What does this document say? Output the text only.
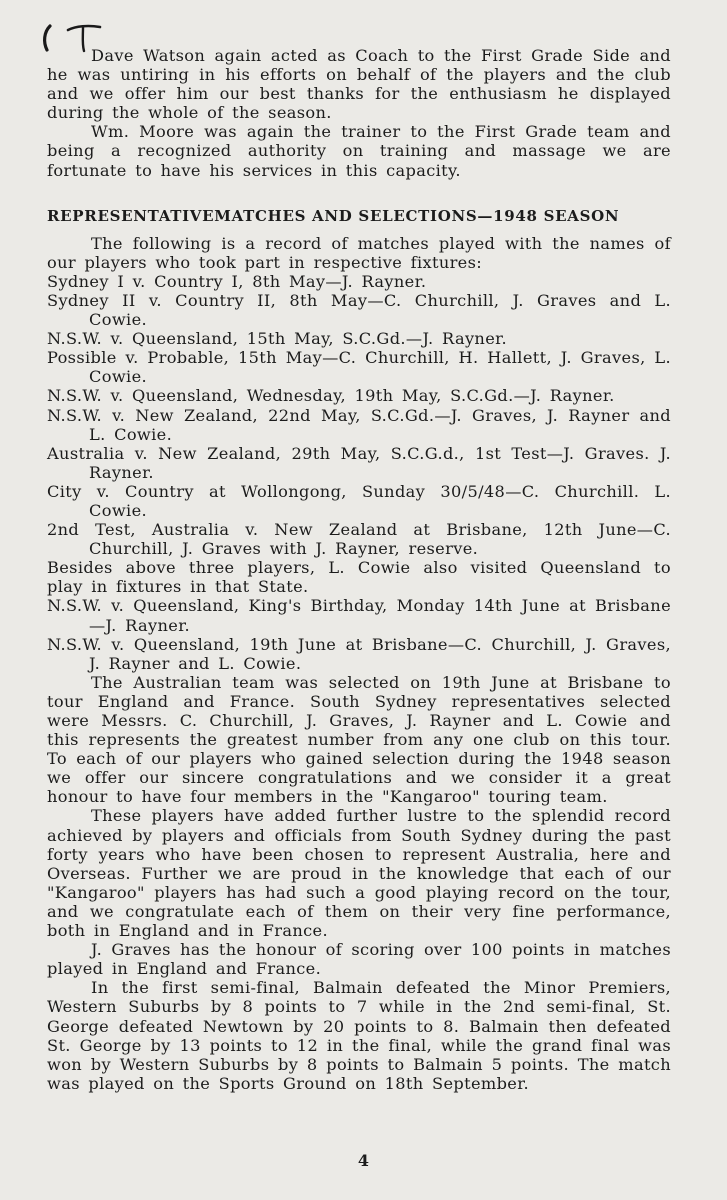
Dave Watson again acted as Coach to the First Grade Side and he was untiring in his efforts on behalf of the players and the club and we offer him our best thanks for the enthusiasm he displayed during the whole of the season.

Wm. Moore was again the trainer to the First Grade team and being a recognized authority on training and massage we are fortunate to have his services in this capacity.

REPRESENTATIVEMATCHES AND SELECTIONS—1948 SEASON

The following is a record of matches played with the names of our players who took part in respective fixtures:

Sydney I v. Country I, 8th May—J. Rayner.

Sydney II v. Country II, 8th May—C. Churchill, J. Graves and L. Cowie.

N.S.W. v. Queensland, 15th May, S.C.Gd.—J. Rayner.

Possible v. Probable, 15th May—C. Churchill, H. Hallett, J. Graves, L. Cowie.

N.S.W. v. Queensland, Wednesday, 19th May, S.C.Gd.—J. Rayner.

N.S.W. v. New Zealand, 22nd May, S.C.Gd.—J. Graves, J. Rayner and L. Cowie.

Australia v. New Zealand, 29th May, S.C.G.d., 1st Test—J. Graves. J. Rayner.

City v. Country at Wollongong, Sunday 30/5/48—C. Churchill. L. Cowie.

2nd Test, Australia v. New Zealand at Brisbane, 12th June—C. Churchill, J. Graves with J. Rayner, reserve.

Besides above three players, L. Cowie also visited Queensland to play in fixtures in that State.

N.S.W. v. Queensland, King's Birthday, Monday 14th June at Brisbane—J. Rayner.

N.S.W. v. Queensland, 19th June at Brisbane—C. Churchill, J. Graves, J. Rayner and L. Cowie.

The Australian team was selected on 19th June at Brisbane to tour England and France. South Sydney representatives selected were Messrs. C. Churchill, J. Graves, J. Rayner and L. Cowie and this represents the greatest number from any one club on this tour. To each of our players who gained selection during the 1948 season we offer our sincere congratulations and we consider it a great honour to have four members in the "Kangaroo" touring team.

These players have added further lustre to the splendid record achieved by players and officials from South Sydney during the past forty years who have been chosen to represent Australia, here and Overseas. Further we are proud in the knowledge that each of our "Kangaroo" players has had such a good playing record on the tour, and we congratulate each of them on their very fine performance, both in England and in France.

J. Graves has the honour of scoring over 100 points in matches played in England and France.

In the first semi-final, Balmain defeated the Minor Premiers, Western Suburbs by 8 points to 7 while in the 2nd semi-final, St. George defeated Newtown by 20 points to 8. Balmain then defeated St. George by 13 points to 12 in the final, while the grand final was won by Western Suburbs by 8 points to Balmain 5 points. The match was played on the Sports Ground on 18th September.

4
